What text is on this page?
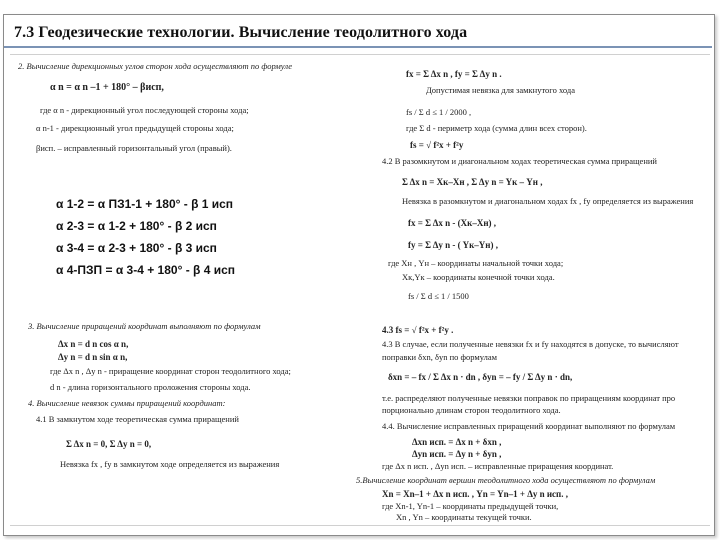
7.3 Геодезические технологии. Вычисление теодолитного хода
2. Вычисление дирекционных углов сторон хода осуществляют по формуле
α n = α n –1 + 180° – βисп,
где α n - дирекционный угол последующей стороны хода;
α n-1 - дирекционный угол предыдущей стороны хода;
βисп. – исправленный горизонтальный угол (правый).
α 1-2 = α ПЗ1-1 + 180° - β 1 исп
α 2-3 = α 1-2 + 180° - β 2 исп
α 3-4 = α 2-3 + 180° - β 3 исп
α 4-ПЗП = α 3-4 + 180° - β 4 исп
3. Вычисление приращений координат выполняют по формулам
Δx n = d n cos α n,
Δy n = d n sin α n,
где Δx n , Δy n - приращение координат сторон теодолитного хода;
d n - длина горизонтального проложения стороны хода.
4. Вычисление невязок суммы приращений координат:
4.1 В замкнутом ходе теоретическая сумма приращений
Σ Δx n = 0, Σ Δy n = 0,
Невязка fx , fy в замкнутом ходе определяется из выражения
fx = Σ Δx n , fy = Σ Δy n .
Допустимая невязка для замкнутого хода
fs / Σ d ≤ 1 / 2000 ,
где Σ d - периметр хода (сумма длин всех сторон).
fs = √ f²x + f²y
4.2 В разомкнутом и диагональном ходах теоретическая сумма приращений
Σ Δx n = Xк–Xн , Σ Δy n = Yк – Yн ,
Невязка в разомкнутом и диагональном ходах fx , fy определяется из выражения
fx = Σ Δx n - (Xк–Xн) ,
fy = Σ Δy n - ( Yк–Yн) ,
где Xн , Yн – координаты начальной точки хода;
Xк,Yк – координаты конечной точки хода.
fs / Σ d ≤ 1 / 1500
4.3 fs = √ f²x + f²y .
4.3 В случае, если полученные невязки fx и fy находятся в допуске, то вычисляют
поправки δxn, δyn по формулам
δxn = – fx / Σ Δx n · dn , δyn = – fy / Σ Δy n · dn,
т.е. распределяют полученные невязки поправок по приращениям координат про
порционально длинам сторон теодолитного хода.
4.4. Вычисление исправленных приращений координат выполняют по формулам
Δxn исп. = Δx n + δxn ,
Δyn исп. = Δy n + δyn ,
где Δx n исп. , Δyn исп. – исправленные приращения координат.
5.Вычисление координат вершин теодолитного хода осуществляют по формулам
Xn = Xn–1 + Δx n исп. , Yn = Yn–1 + Δy n исп. ,
где Xn-1, Yn-1 – координаты предыдущей точки,
Xn , Yn – координаты текущей точки.
